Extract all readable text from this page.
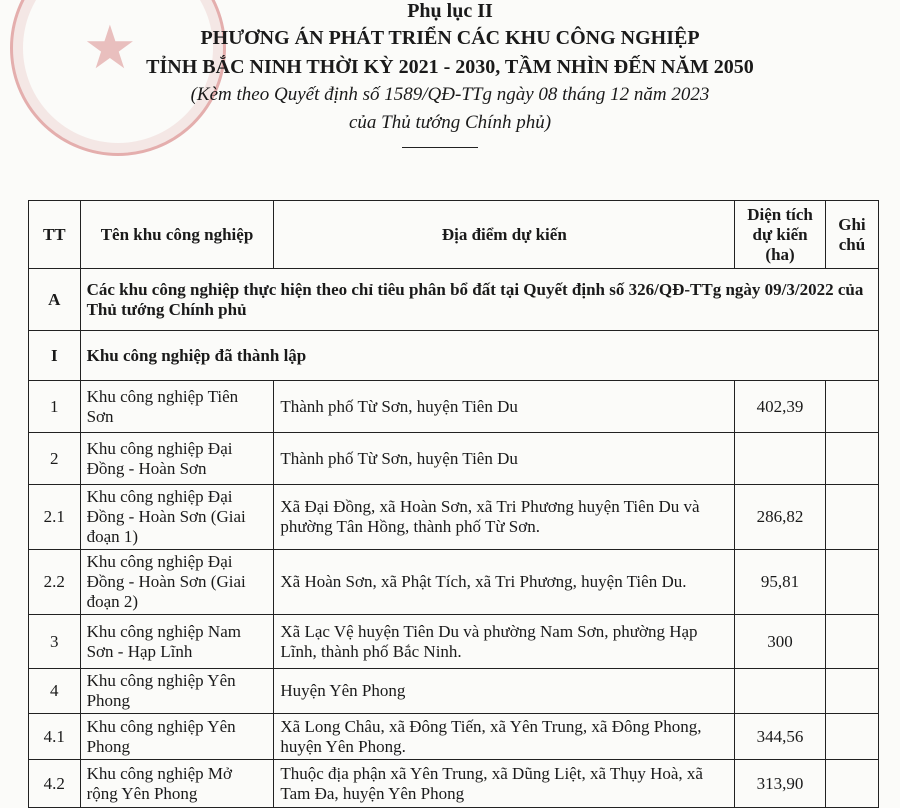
★
Phụ lục II
PHƯƠNG ÁN PHÁT TRIỂN CÁC KHU CÔNG NGHIỆP
TỈNH BẮC NINH THỜI KỲ 2021 - 2030, TẦM NHÌN ĐẾN NĂM 2050
(Kèm theo Quyết định số 1589/QĐ-TTg ngày 08 tháng 12 năm 2023
của Thủ tướng Chính phủ)
TT	Tên khu công nghiệp	Địa điểm dự kiến	Diện tích dự kiến (ha)	Ghi chú
A	Các khu công nghiệp thực hiện theo chỉ tiêu phân bổ đất tại Quyết định số 326/QĐ-TTg ngày 09/3/2022 của Thủ tướng Chính phủ			
I	Khu công nghiệp đã thành lập			
1	Khu công nghiệp Tiên Sơn	Thành phố Từ Sơn, huyện Tiên Du	402,39	
2	Khu công nghiệp Đại Đồng - Hoàn Sơn	Thành phố Từ Sơn, huyện Tiên Du		
2.1	Khu công nghiệp Đại Đồng - Hoàn Sơn (Giai đoạn 1)	Xã Đại Đồng, xã Hoàn Sơn, xã Tri Phương huyện Tiên Du và phường Tân Hồng, thành phố Từ Sơn.	286,82	
2.2	Khu công nghiệp Đại Đồng - Hoàn Sơn (Giai đoạn 2)	Xã Hoàn Sơn, xã Phật Tích, xã Tri Phương, huyện Tiên Du.	95,81	
3	Khu công nghiệp Nam Sơn - Hạp Lĩnh	Xã Lạc Vệ huyện Tiên Du và phường Nam Sơn, phường Hạp Lĩnh, thành phố Bắc Ninh.	300	
4	Khu công nghiệp Yên Phong	Huyện Yên Phong		
4.1	Khu công nghiệp Yên Phong	Xã Long Châu, xã Đông Tiến, xã Yên Trung, xã Đông Phong, huyện Yên Phong.	344,56	
4.2	Khu công nghiệp Mở rộng Yên Phong	Thuộc địa phận xã Yên Trung, xã Dũng Liệt, xã Thụy Hoà, xã Tam Đa, huyện Yên Phong	313,90	
